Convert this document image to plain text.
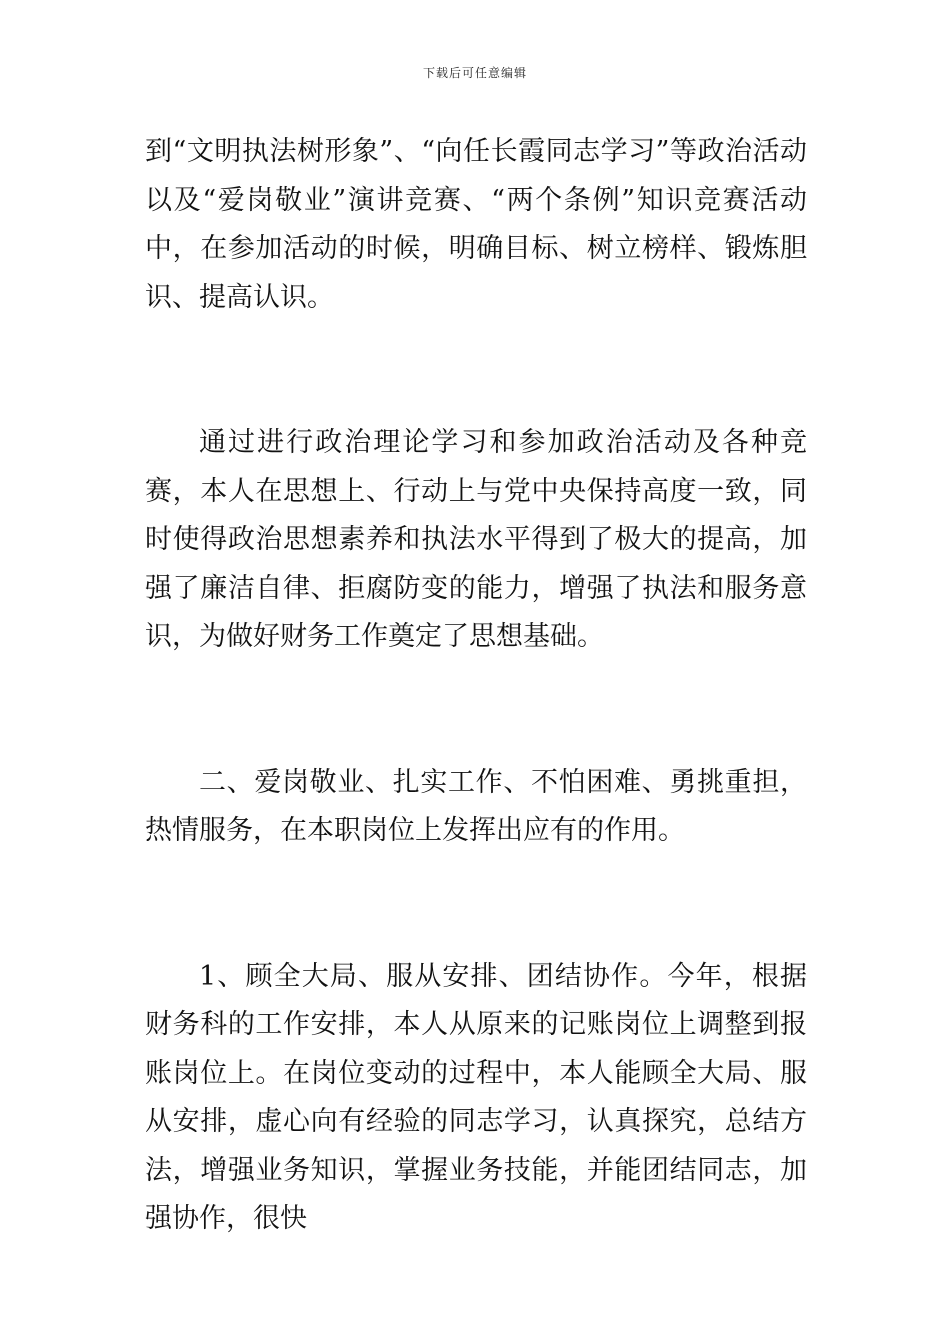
下载后可任意编辑

到“文明执法树形象”、“向任长霞同志学习”等政治活动以及“爱岗敬业”演讲竞赛、“两个条例”知识竞赛活动中，在参加活动的时候，明确目标、树立榜样、锻炼胆识、提高认识。

通过进行政治理论学习和参加政治活动及各种竞赛，本人在思想上、行动上与党中央保持高度一致，同时使得政治思想素养和执法水平得到了极大的提高，加强了廉洁自律、拒腐防变的能力，增强了执法和服务意识，为做好财务工作奠定了思想基础。

二、爱岗敬业、扎实工作、不怕困难、勇挑重担，热情服务，在本职岗位上发挥出应有的作用。

1、顾全大局、服从安排、团结协作。今年，根据财务科的工作安排，本人从原来的记账岗位上调整到报账岗位上。在岗位变动的过程中，本人能顾全大局、服从安排，虚心向有经验的同志学习，认真探究，总结方法，增强业务知识，掌握业务技能，并能团结同志，加强协作，很快
